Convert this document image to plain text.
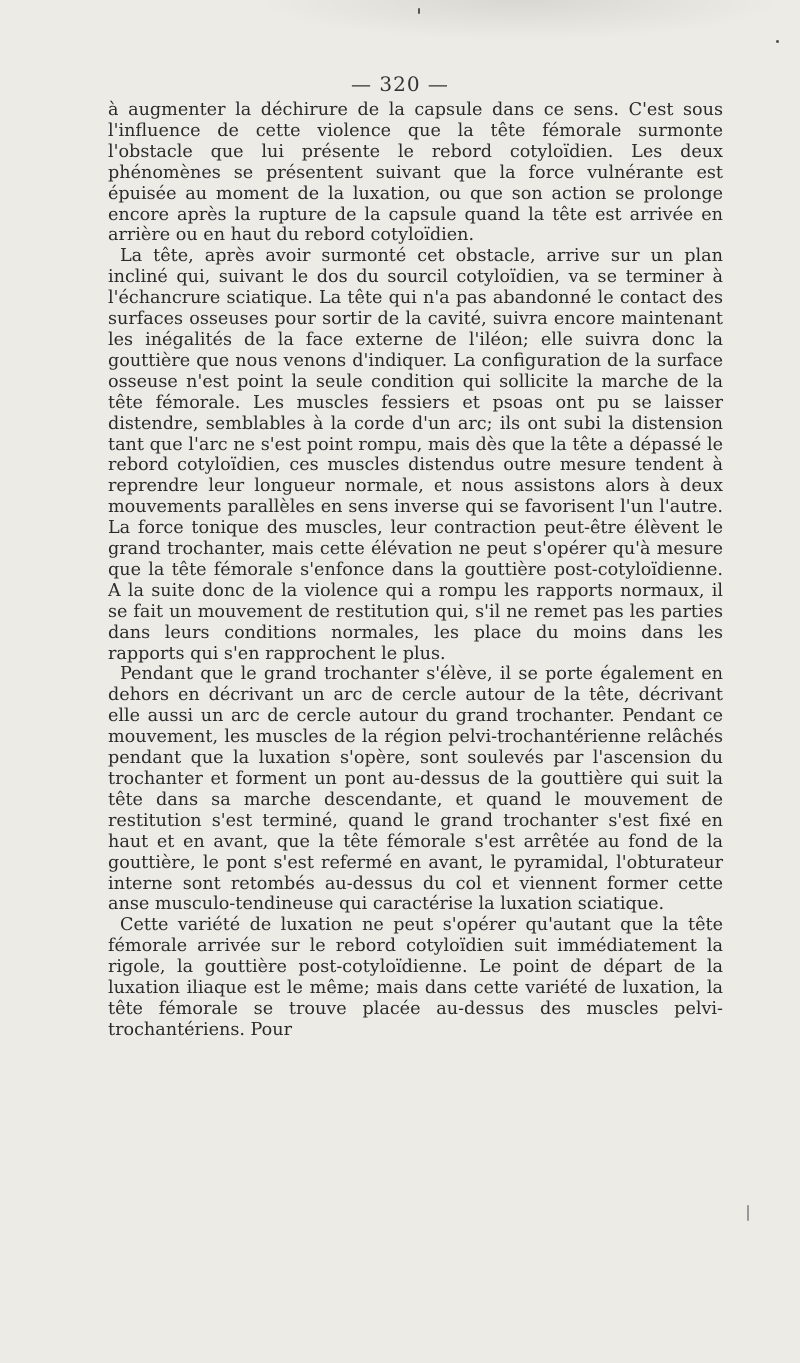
— 320 —

à augmenter la déchirure de la capsule dans ce sens. C'est sous l'influence de cette violence que la tête fémorale surmonte l'obstacle que lui présente le rebord cotyloïdien. Les deux phénomènes se présentent suivant que la force vulnérante est épuisée au moment de la luxation, ou que son action se prolonge encore après la rupture de la capsule quand la tête est arrivée en arrière ou en haut du rebord cotyloïdien.

La tête, après avoir surmonté cet obstacle, arrive sur un plan incliné qui, suivant le dos du sourcil cotyloïdien, va se terminer à l'échancrure sciatique. La tête qui n'a pas abandonné le contact des surfaces osseuses pour sortir de la cavité, suivra encore maintenant les inégalités de la face externe de l'iléon; elle suivra donc la gouttière que nous venons d'indiquer. La configuration de la surface osseuse n'est point la seule condition qui sollicite la marche de la tête fémorale. Les muscles fessiers et psoas ont pu se laisser distendre, semblables à la corde d'un arc; ils ont subi la distension tant que l'arc ne s'est point rompu, mais dès que la tête a dépassé le rebord cotyloïdien, ces muscles distendus outre mesure tendent à reprendre leur longueur normale, et nous assistons alors à deux mouvements parallèles en sens inverse qui se favorisent l'un l'autre. La force tonique des muscles, leur contraction peut-être élèvent le grand trochanter, mais cette élévation ne peut s'opérer qu'à mesure que la tête fémorale s'enfonce dans la gouttière post-cotyloïdienne. A la suite donc de la violence qui a rompu les rapports normaux, il se fait un mouvement de restitution qui, s'il ne remet pas les parties dans leurs conditions normales, les place du moins dans les rapports qui s'en rapprochent le plus.

Pendant que le grand trochanter s'élève, il se porte également en dehors en décrivant un arc de cercle autour de la tête, décrivant elle aussi un arc de cercle autour du grand trochanter. Pendant ce mouvement, les muscles de la région pelvi-trochantérienne relâchés pendant que la luxation s'opère, sont soulevés par l'ascension du trochanter et forment un pont au-dessus de la gouttière qui suit la tête dans sa marche descendante, et quand le mouvement de restitution s'est terminé, quand le grand trochanter s'est fixé en haut et en avant, que la tête fémorale s'est arrêtée au fond de la gouttière, le pont s'est refermé en avant, le pyramidal, l'obturateur interne sont retombés au-dessus du col et viennent former cette anse musculo-tendineuse qui caractérise la luxation sciatique.

Cette variété de luxation ne peut s'opérer qu'autant que la tête fémorale arrivée sur le rebord cotyloïdien suit immédiatement la rigole, la gouttière post-cotyloïdienne. Le point de départ de la luxation iliaque est le même; mais dans cette variété de luxation, la tête fémorale se trouve placée au-dessus des muscles pelvi-trochantériens. Pour
